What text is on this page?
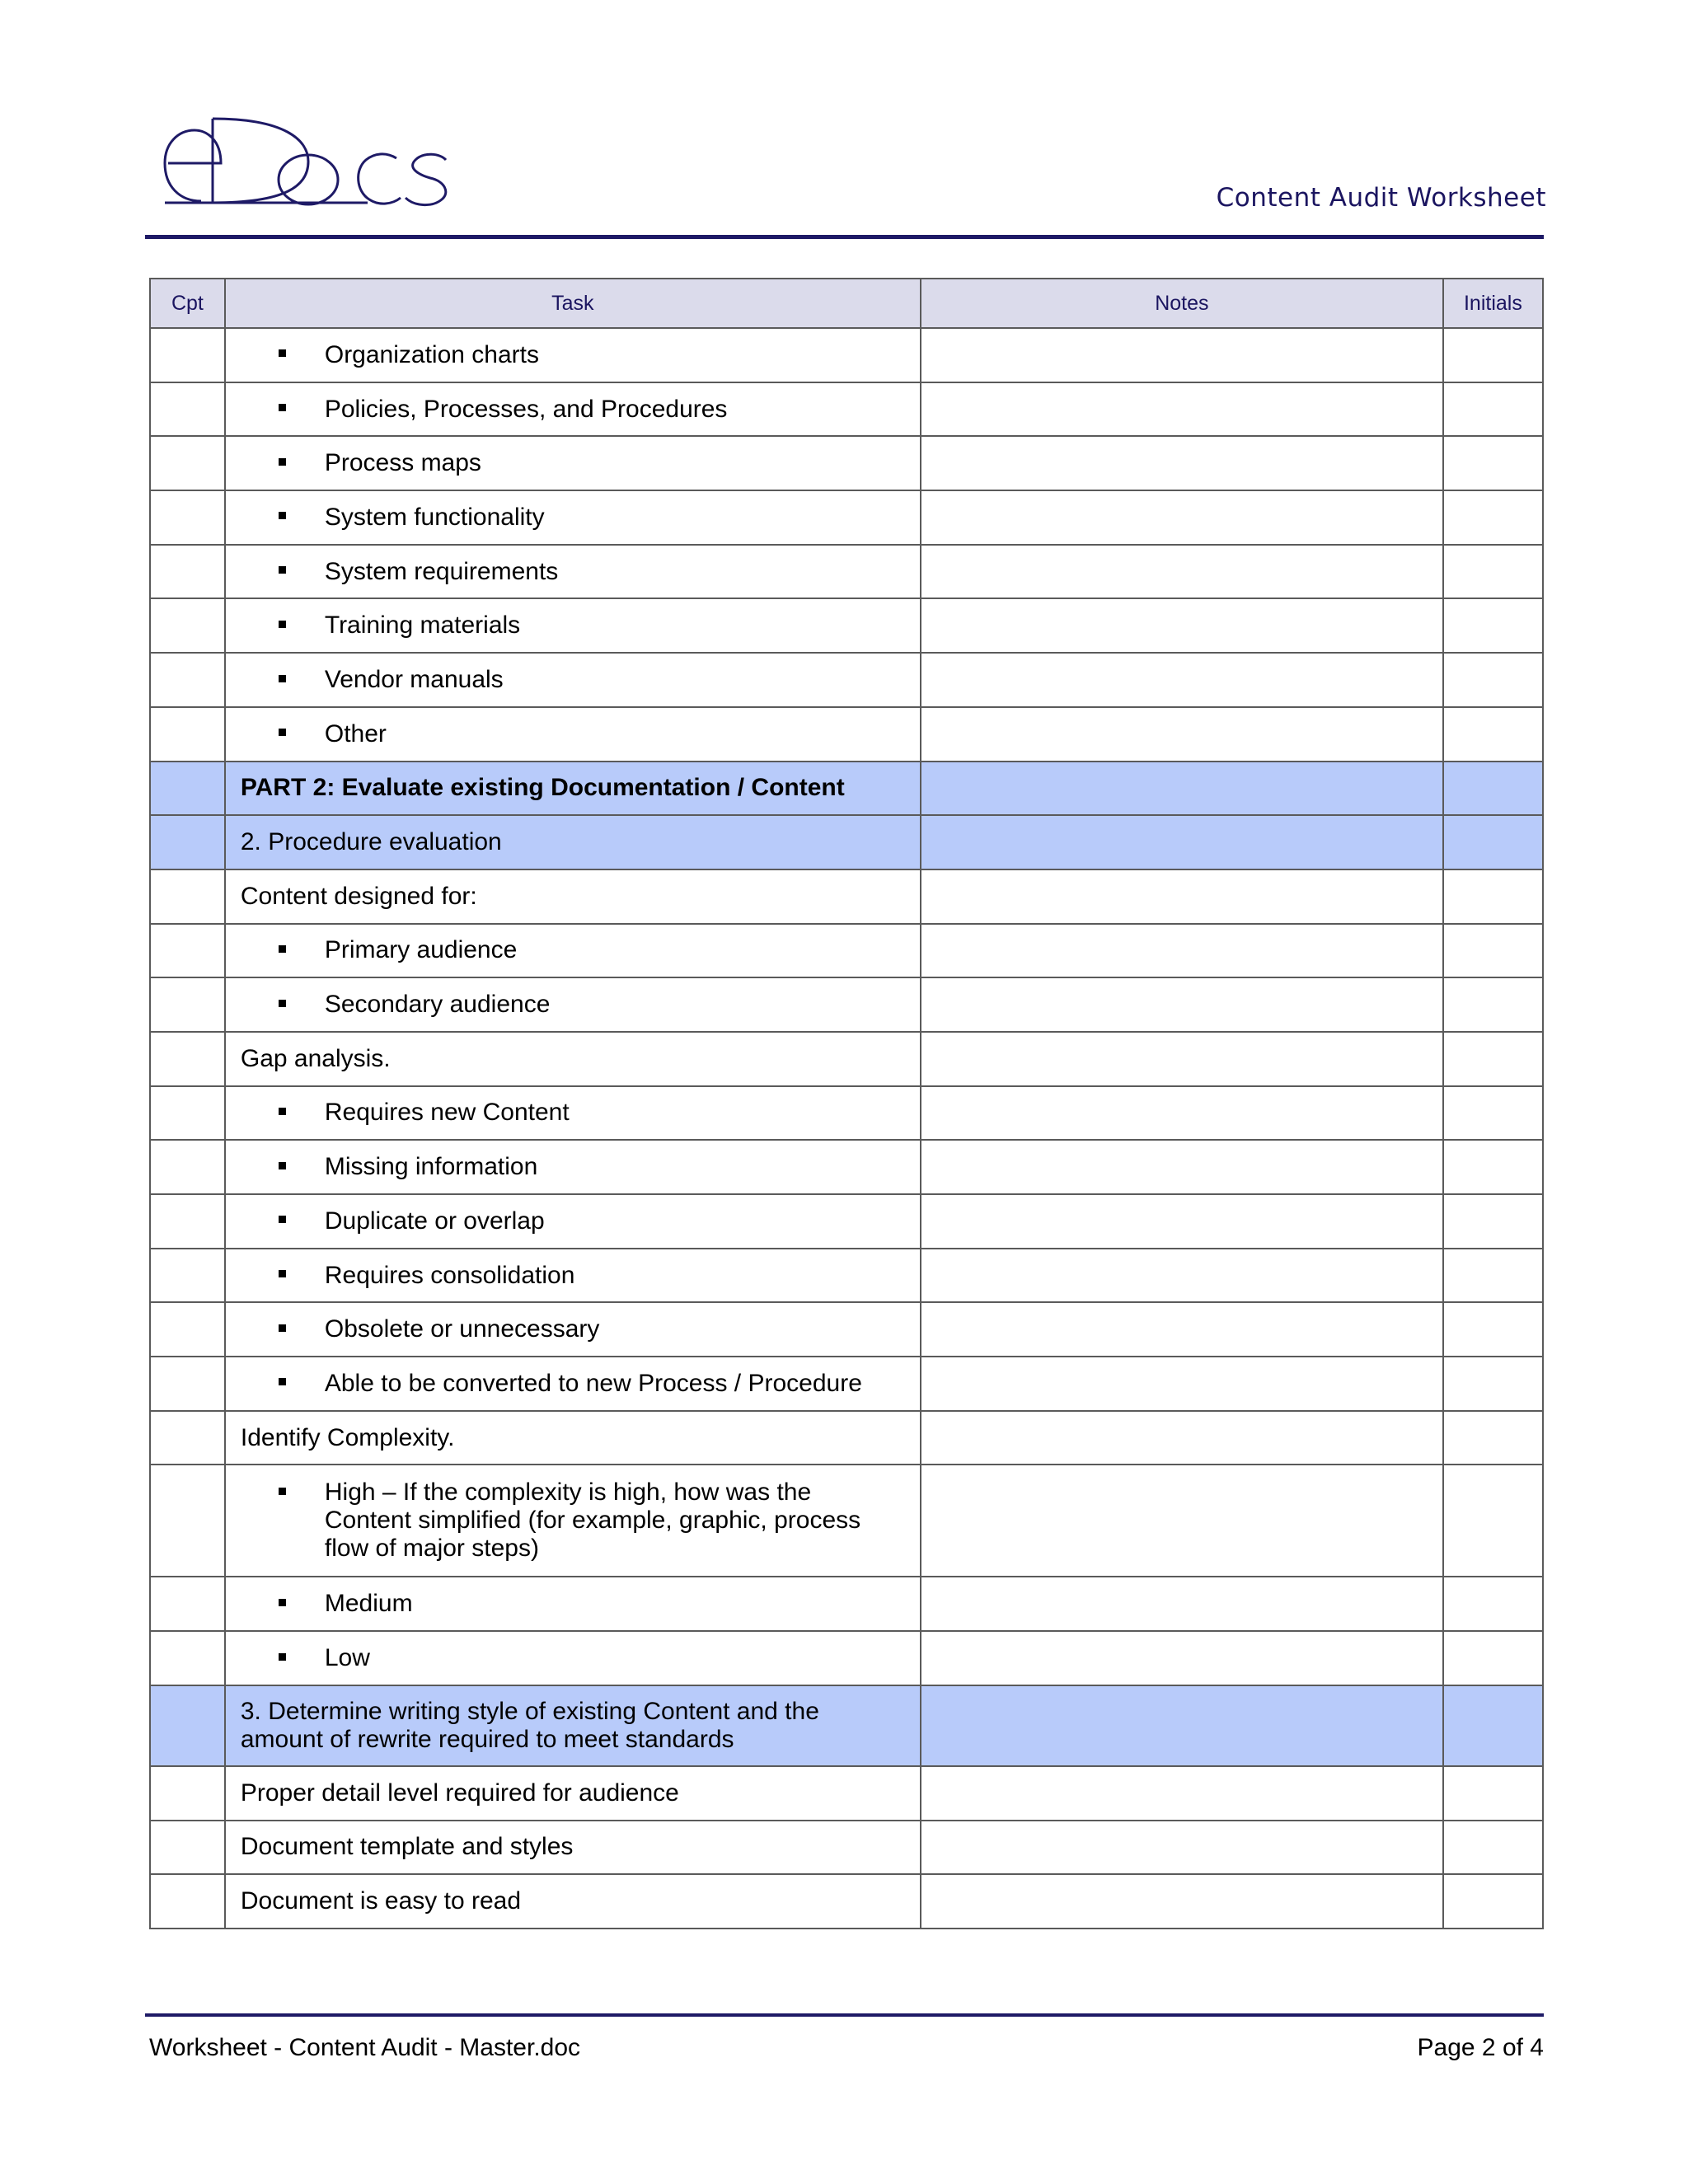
Content Audit Worksheet
Cpt	Task	Notes	Initials

	Organization charts		

	Policies, Processes, and Procedures		

	Process maps		

	System functionality		

	System requirements		

	Training materials		

	Vendor manuals		

	Other		

	PART 2: Evaluate existing Documentation / Content		

	2. Procedure evaluation		

	Content designed for:		

	Primary audience		

	Secondary audience		

	Gap analysis.		

	Requires new Content		

	Missing information		

	Duplicate or overlap		

	Requires consolidation		

	Obsolete or unnecessary		

	Able to be converted to new Process / Procedure		

	Identify Complexity.		

	High – If the complexity is high, how was the Content simplified (for example, graphic, process flow of major steps)		

	Medium		

	Low		

	3. Determine writing style of existing Content and the amount of rewrite required to meet standards		

	Proper detail level required for audience		

	Document template and styles		

	Document is easy to read		

Worksheet - Content Audit - Master.doc	Page 2 of 4
